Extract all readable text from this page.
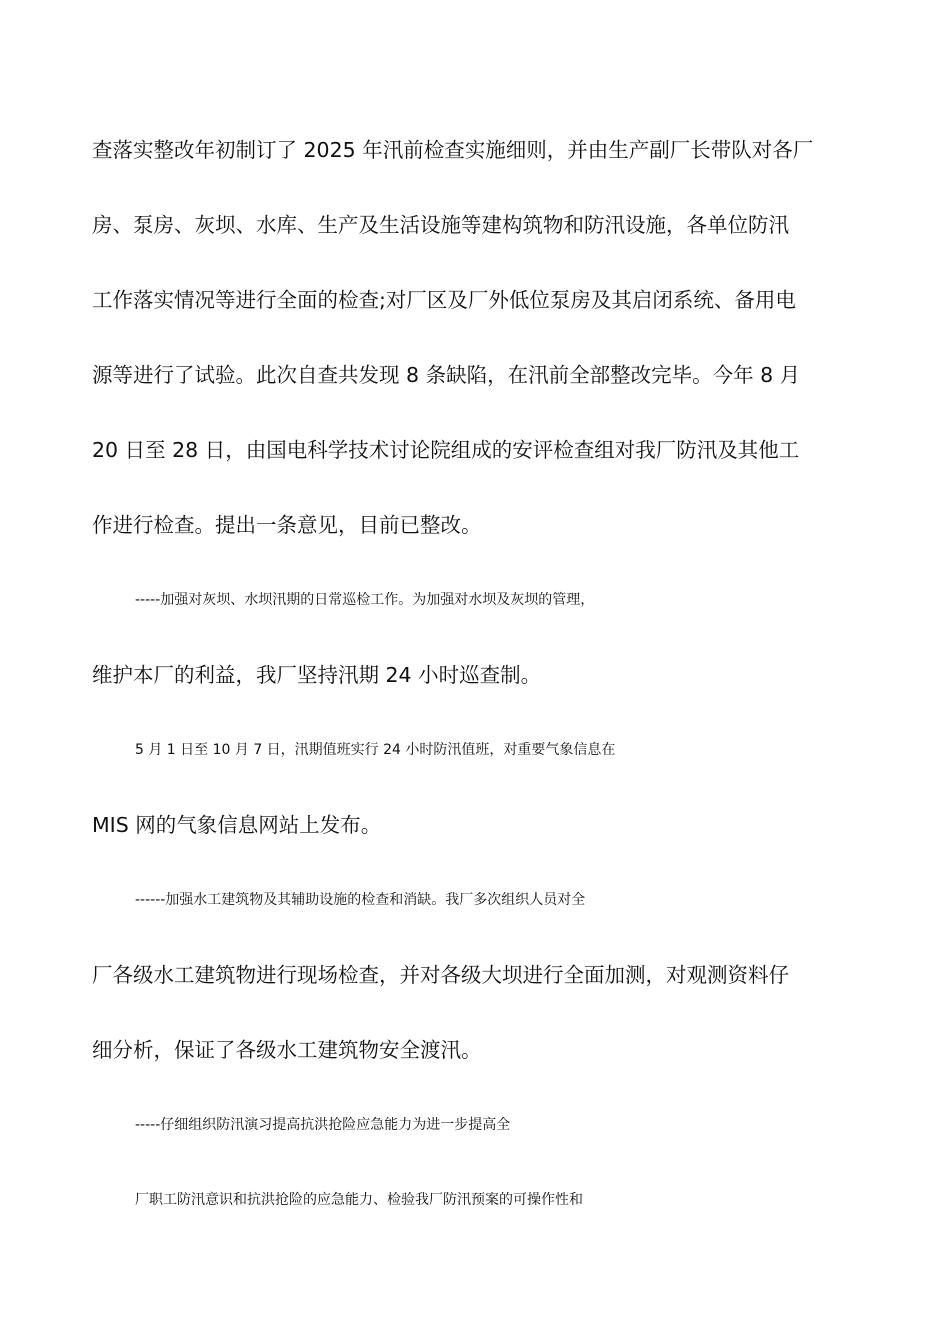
查落实整改年初制订了 2025 年汛前检查实施细则，并由生产副厂长带队对各厂
房、泵房、灰坝、水库、生产及生活设施等建构筑物和防汛设施，各单位防汛
工作落实情况等进行全面的检查;对厂区及厂外低位泵房及其启闭系统、备用电
源等进行了试验。此次自查共发现 8 条缺陷，在汛前全部整改完毕。今年 8 月
20 日至 28 日，由国电科学技术讨论院组成的安评检查组对我厂防汛及其他工
作进行检查。提出一条意见，目前已整改。
-----加强对灰坝、水坝汛期的日常巡检工作。为加强对水坝及灰坝的管理，
维护本厂的利益，我厂坚持汛期 24 小时巡查制。
5 月 1 日至 10 月 7 日，汛期值班实行 24 小时防汛值班，对重要气象信息在
MIS 网的气象信息网站上发布。
------加强水工建筑物及其辅助设施的检查和消缺。我厂多次组织人员对全
厂各级水工建筑物进行现场检查，并对各级大坝进行全面加测，对观测资料仔
细分析，保证了各级水工建筑物安全渡汛。
-----仔细组织防汛演习提高抗洪抢险应急能力为进一步提高全
厂职工防汛意识和抗洪抢险的应急能力、检验我厂防汛预案的可操作性和
